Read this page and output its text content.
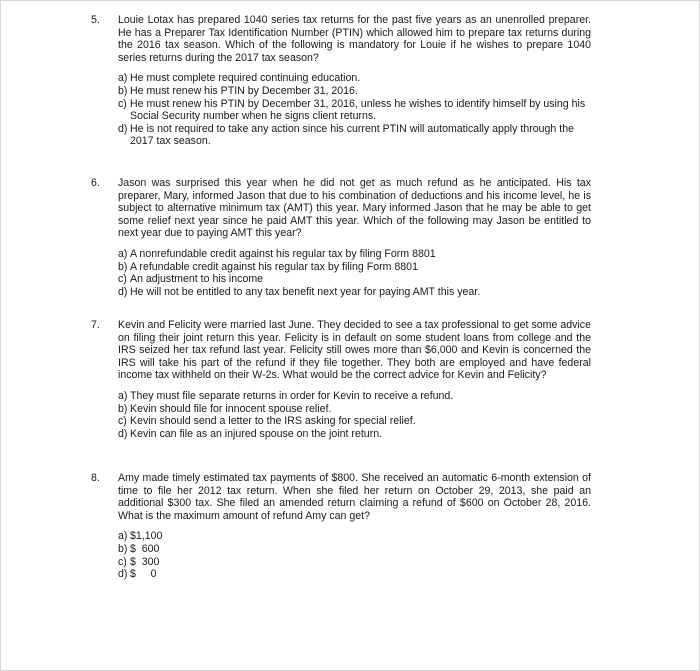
5.	Louie Lotax has prepared 1040 series tax returns for the past five years as an unenrolled preparer. He has a Preparer Tax Identification Number (PTIN) which allowed him to prepare tax returns during the 2016 tax season. Which of the following is mandatory for Louie if he wishes to prepare 1040 series returns during the 2017 tax season?
a) He must complete required continuing education.
b) He must renew his PTIN by December 31, 2016.
c) He must renew his PTIN by December 31, 2016, unless he wishes to identify himself by using his Social Security number when he signs client returns.
d) He is not required to take any action since his current PTIN will automatically apply through the 2017 tax season.
6.	Jason was surprised this year when he did not get as much refund as he anticipated. His tax preparer, Mary, informed Jason that due to his combination of deductions and his income level, he is subject to alternative minimum tax (AMT) this year. Mary informed Jason that he may be able to get some relief next year since he paid AMT this year. Which of the following may Jason be entitled to next year due to paying AMT this year?
a) A nonrefundable credit against his regular tax by filing Form 8801
b) A refundable credit against his regular tax by filing Form 8801
c) An adjustment to his income
d) He will not be entitled to any tax benefit next year for paying AMT this year.
7.	Kevin and Felicity were married last June. They decided to see a tax professional to get some advice on filing their joint return this year. Felicity is in default on some student loans from college and the IRS seized her tax refund last year. Felicity still owes more than $6,000 and Kevin is concerned the IRS will take his part of the refund if they file together. They both are employed and have federal income tax withheld on their W-2s. What would be the correct advice for Kevin and Felicity?
a) They must file separate returns in order for Kevin to receive a refund.
b) Kevin should file for innocent spouse relief.
c) Kevin should send a letter to the IRS asking for special relief.
d) Kevin can file as an injured spouse on the joint return.
8.	Amy made timely estimated tax payments of $800. She received an automatic 6-month extension of time to file her 2012 tax return. When she filed her return on October 29, 2013, she paid an additional $300 tax. She filed an amended return claiming a refund of $600 on October 28, 2016. What is the maximum amount of refund Amy can get?
a) $1,100
b) $  600
c) $  300
d) $     0
